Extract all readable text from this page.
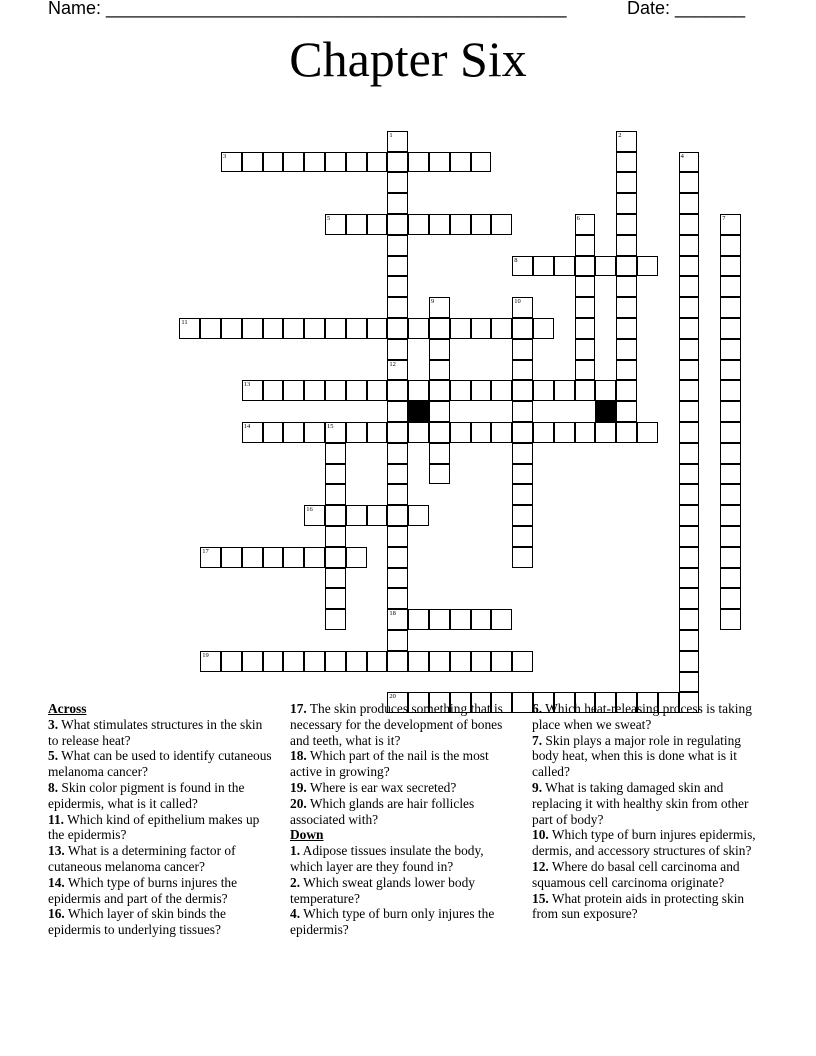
Name: ______________________________________________	Date: _______
Chapter Six
3
5
8
11
13
14	15
16
17
18
19
20
1
12
2
4
6	7
9	10
Across
3. What stimulates structures in the skin to release heat?
5. What can be used to identify cutaneous melanoma cancer?
8. Skin color pigment is found in the epidermis, what is it called?
11. Which kind of epithelium makes up the epidermis?
13. What is a determining factor of cutaneous melanoma cancer?
14. Which type of burns injures the epidermis and part of the dermis?
16. Which layer of skin binds the epidermis to underlying tissues?
17. The skin produces something that is necessary for the development of bones and teeth, what is it?
18. Which part of the nail is the most active in growing?
19. Where is ear wax secreted?
20. Which glands are hair follicles associated with?
Down
1. Adipose tissues insulate the body, which layer are they found in?
2. Which sweat glands lower body temperature?
4. Which type of burn only injures the epidermis?
6. Which heat-releasing process is taking place when we sweat?
7. Skin plays a major role in regulating body heat, when this is done what is it called?
9. What is taking damaged skin and replacing it with healthy skin from other part of body?
10. Which type of burn injures epidermis, dermis, and accessory structures of skin?
12. Where do basal cell carcinoma and squamous cell carcinoma originate?
15. What protein aids in protecting skin from sun exposure?
